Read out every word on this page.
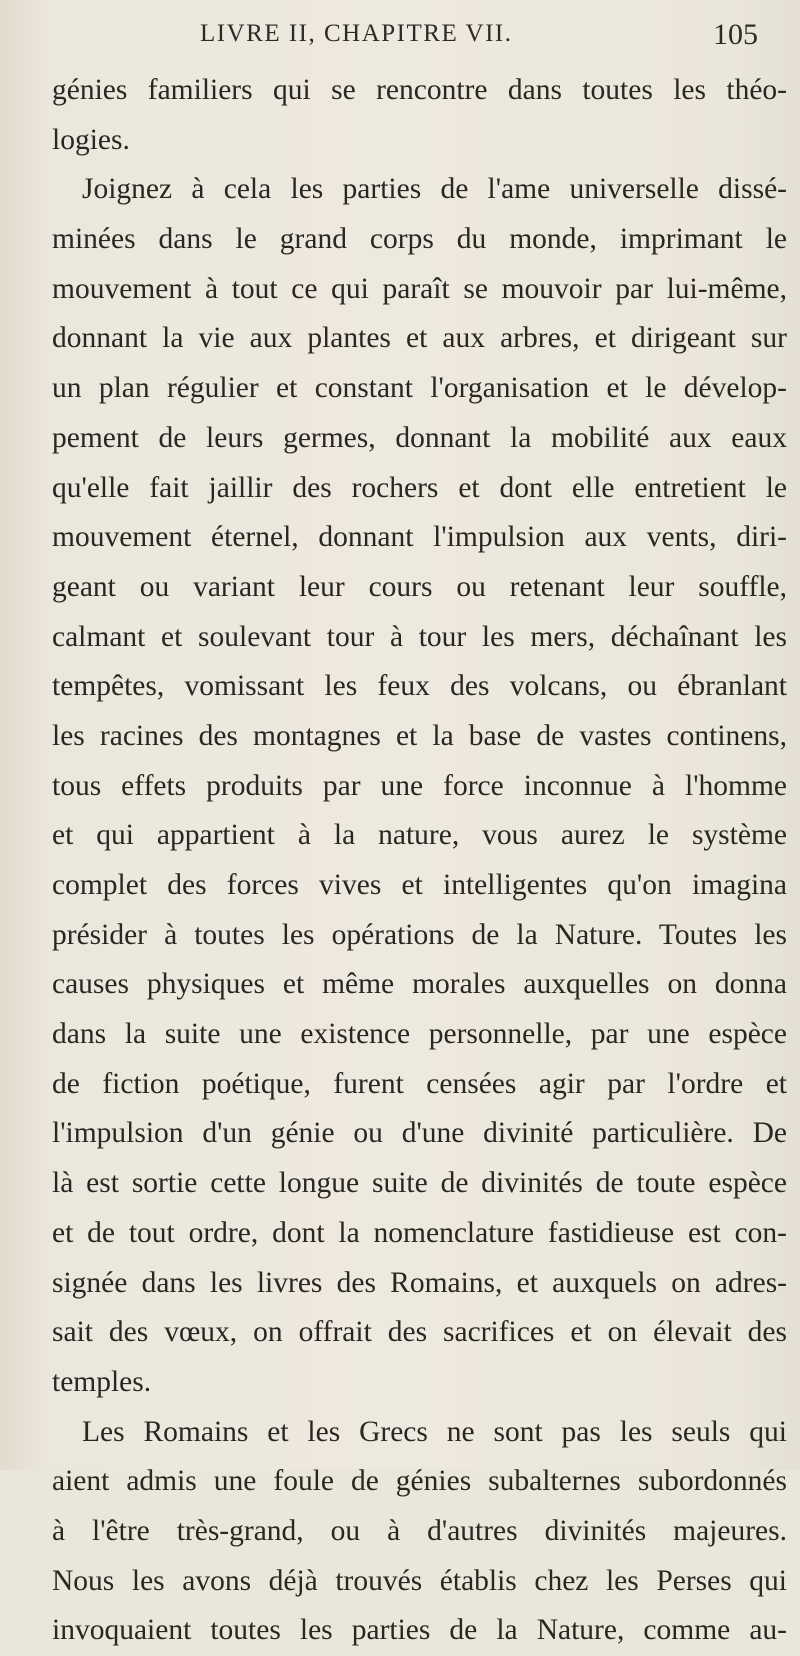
LIVRE II, CHAPITRE VII.	105
génies familiers qui se rencontre dans toutes les théo-
logies.
Joignez à cela les parties de l'ame universelle dissé-
minées dans le grand corps du monde, imprimant le
mouvement à tout ce qui paraît se mouvoir par lui-même,
donnant la vie aux plantes et aux arbres, et dirigeant sur
un plan régulier et constant l'organisation et le dévelop-
pement de leurs germes, donnant la mobilité aux eaux
qu'elle fait jaillir des rochers et dont elle entretient le
mouvement éternel, donnant l'impulsion aux vents, diri-
geant ou variant leur cours ou retenant leur souffle,
calmant et soulevant tour à tour les mers, déchaînant les
tempêtes, vomissant les feux des volcans, ou ébranlant
les racines des montagnes et la base de vastes continens,
tous effets produits par une force inconnue à l'homme
et qui appartient à la nature, vous aurez le système
complet des forces vives et intelligentes qu'on imagina
présider à toutes les opérations de la Nature. Toutes les
causes physiques et même morales auxquelles on donna
dans la suite une existence personnelle, par une espèce
de fiction poétique, furent censées agir par l'ordre et
l'impulsion d'un génie ou d'une divinité particulière. De
là est sortie cette longue suite de divinités de toute espèce
et de tout ordre, dont la nomenclature fastidieuse est con-
signée dans les livres des Romains, et auxquels on adres-
sait des vœux, on offrait des sacrifices et on élevait des
temples.
Les Romains et les Grecs ne sont pas les seuls qui
aient admis une foule de génies subalternes subordonnés
à l'être très-grand, ou à d'autres divinités majeures.
Nous les avons déjà trouvés établis chez les Perses qui
invoquaient toutes les parties de la Nature, comme au-
